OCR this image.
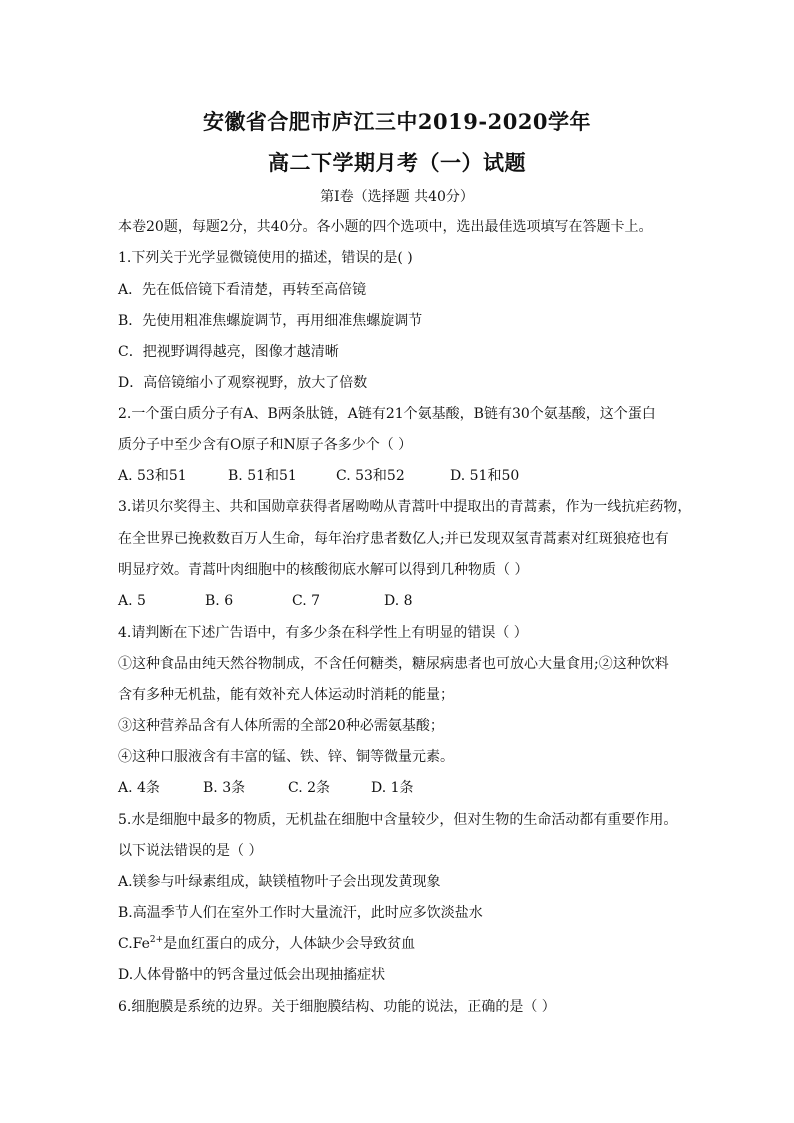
安徽省合肥市庐江三中2019-2020学年
高二下学期月考（一）试题
第Ⅰ卷（选择题 共40分）
本卷20题，每题2分，共40分。各小题的四个选项中，选出最佳选项填写在答题卡上。
1.下列关于光学显微镜使用的描述，错误的是( )
A．先在低倍镜下看清楚，再转至高倍镜
B．先使用粗准焦螺旋调节，再用细准焦螺旋调节
C．把视野调得越亮，图像才越清晰
D．高倍镜缩小了观察视野，放大了倍数
2.一个蛋白质分子有A、B两条肽链，A链有21个氨基酸，B链有30个氨基酸，这个蛋白
质分子中至少含有O原子和N原子各多少个（ ）
A. 53和51	B. 51和51	C. 53和52	D. 51和50
3.诺贝尔奖得主、共和国勋章获得者屠呦呦从青蒿叶中提取出的青蒿素，作为一线抗疟药物，
在全世界已挽救数百万人生命，每年治疗患者数亿人;并已发现双氢青蒿素对红斑狼疮也有
明显疗效。青蒿叶肉细胞中的核酸彻底水解可以得到几种物质（ ）
A. 5	B. 6	C. 7	D. 8
4.请判断在下述广告语中，有多少条在科学性上有明显的错误（ ）
①这种食品由纯天然谷物制成，不含任何糖类，糖尿病患者也可放心大量食用;②这种饮料
含有多种无机盐，能有效补充人体运动时消耗的能量；
③这种营养品含有人体所需的全部20种必需氨基酸；
④这种口服液含有丰富的锰、铁、锌、铜等微量元素。
A. 4条	B. 3条	C. 2条	D. 1条
5.水是细胞中最多的物质，无机盐在细胞中含量较少，但对生物的生命活动都有重要作用。
以下说法错误的是（ ）
A.镁参与叶绿素组成，缺镁植物叶子会出现发黄现象
B.高温季节人们在室外工作时大量流汗，此时应多饮淡盐水
$C.Fe^{2+}$是血红蛋白的成分，人体缺少会导致贫血
D.人体骨骼中的钙含量过低会出现抽搐症状
6.细胞膜是系统的边界。关于细胞膜结构、功能的说法，正确的是（ ）
